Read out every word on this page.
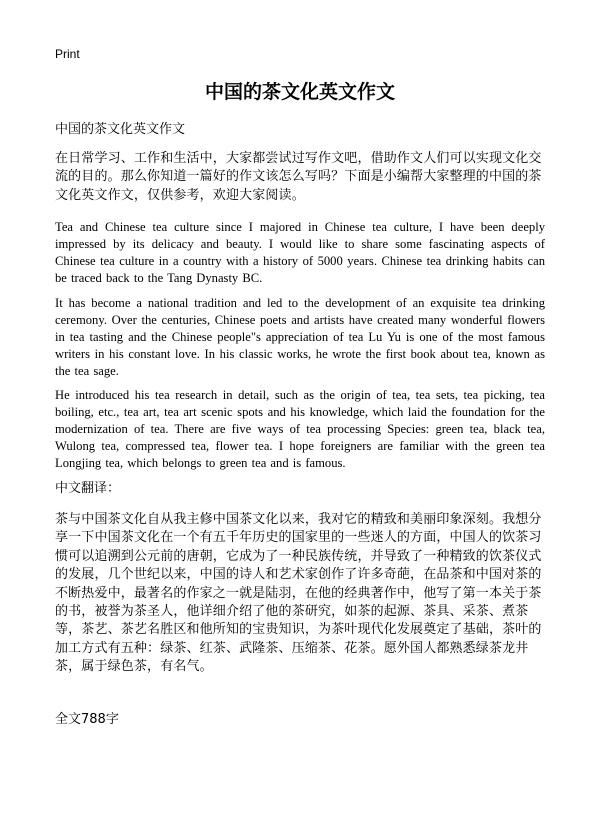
Print
中国的茶文化英文作文
中国的茶文化英文作文

在日常学习、工作和生活中，大家都尝试过写作文吧，借助作文人们可以实现文化交流的目的。那么你知道一篇好的作文该怎么写吗？下面是小编帮大家整理的中国的茶文化英文作文，仅供参考，欢迎大家阅读。

Tea and Chinese tea culture since I majored in Chinese tea culture, I have been deeply impressed by its delicacy and beauty. I would like to share some fascinating aspects of Chinese tea culture in a country with a history of 5000 years. Chinese tea drinking habits can be traced back to the Tang Dynasty BC.

It has become a national tradition and led to the development of an exquisite tea drinking ceremony. Over the centuries, Chinese poets and artists have created many wonderful flowers in tea tasting and the Chinese people"s appreciation of tea Lu Yu is one of the most famous writers in his constant love. In his classic works, he wrote the first book about tea, known as the tea sage.

He introduced his tea research in detail, such as the origin of tea, tea sets, tea picking, tea boiling, etc., tea art, tea art scenic spots and his knowledge, which laid the foundation for the modernization of tea. There are five ways of tea processing Species: green tea, black tea, Wulong tea, compressed tea, flower tea. I hope foreigners are familiar with the green tea Longjing tea, which belongs to green tea and is famous.

中文翻译：

茶与中国茶文化自从我主修中国茶文化以来，我对它的精致和美丽印象深刻。我想分享一下中国茶文化在一个有五千年历史的国家里的一些迷人的方面，中国人的饮茶习惯可以追溯到公元前的唐朝，它成为了一种民族传统，并导致了一种精致的饮茶仪式的发展，几个世纪以来，中国的诗人和艺术家创作了许多奇葩，在品茶和中国对茶的不断热爱中，最著名的作家之一就是陆羽，在他的经典著作中，他写了第一本关于茶的书，被誉为茶圣人，他详细介绍了他的茶研究，如茶的起源、茶具、采茶、煮茶等，茶艺、茶艺名胜区和他所知的宝贵知识，为茶叶现代化发展奠定了基础，茶叶的加工方式有五种：绿茶、红茶、武隆茶、压缩茶、花茶。愿外国人都熟悉绿茶龙井茶，属于绿色茶，有名气。

全文788字
